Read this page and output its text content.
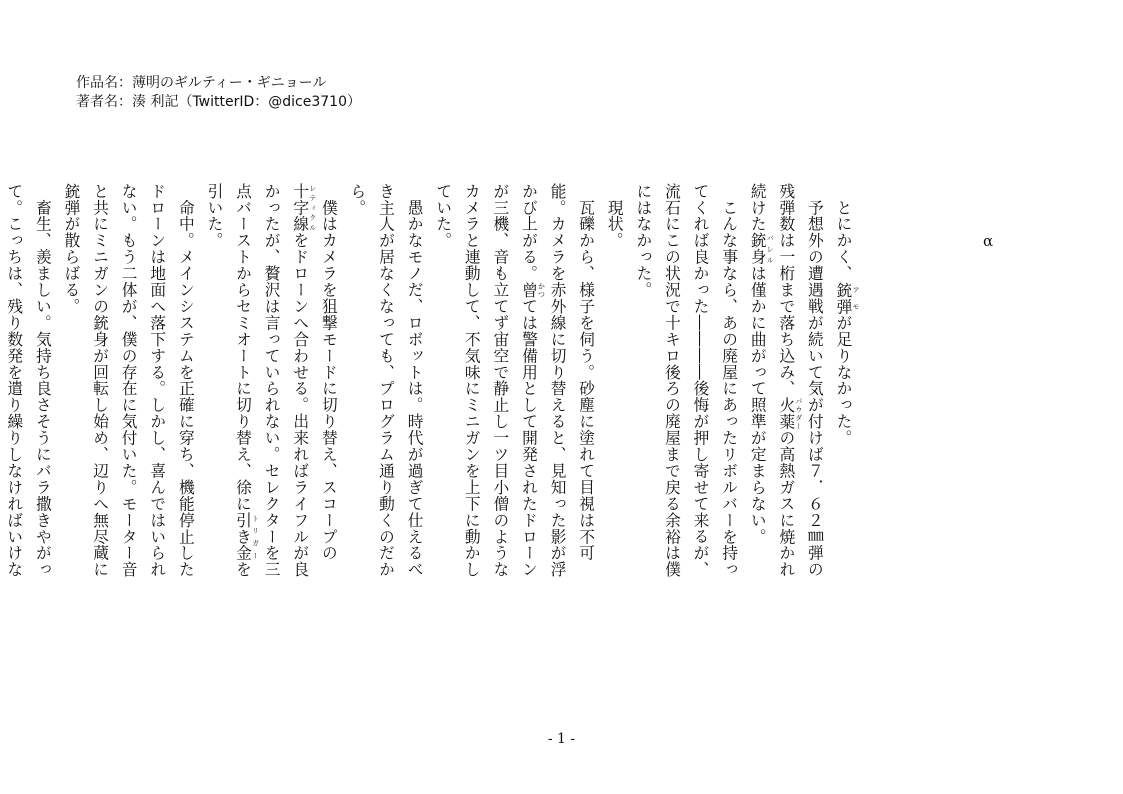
作品名：薄明のギルティー・ギニョール
著者名：湊 利記（TwitterID：@dice3710）
α

　とにかく、銃弾アモが足りなかった。

　予想外の遭遇戦が続いて気が付けば７．６２㎜弾の残弾数は一桁まで落ち込み、火薬パウダーの高熱ガスに焼かれ続けた銃身バレルは僅かに曲がって照準が定まらない。

　こんな事なら、あの廃屋にあったリボルバーを持ってくれば良かった――――後悔が押し寄せて来るが、流石にこの状況で十キロ後ろの廃屋まで戻る余裕は僕にはなかった。

　現状。

　瓦礫から、様子を伺う。砂塵に塗れて目視は不可能。カメラを赤外線に切り替えると、見知った影が浮かび上がる。曾かつては警備用として開発されたドローンが三機、音も立てず宙空で静止し一ツ目小僧のようなカメラと連動して、不気味にミニガンを上下に動かしていた。

　愚かなモノだ、ロボットは。時代が過ぎて仕えるべき主人が居なくなっても、プログラム通り動くのだから。

　僕はカメラを狙撃モードに切り替え、スコープの十字線レティクルをドローンへ合わせる。出来ればライフルが良かったが、贅沢は言っていられない。セレクターを三点バーストからセミオートに切り替え、徐に引き金トリガーを引いた。

　命中。メインシステムを正確に穿ち、機能停止したドローンは地面へ落下する。しかし、喜んではいられない。もう二体が、僕の存在に気付いた。モーター音と共にミニガンの銃身が回転し始め、辺りへ無尽蔵に銃弾が散らばる。

　畜生、羨ましい。気持ち良さそうにバラ撒きやがって。こっちは、残り数発を遣り繰りしなければいけな

- 1 -
